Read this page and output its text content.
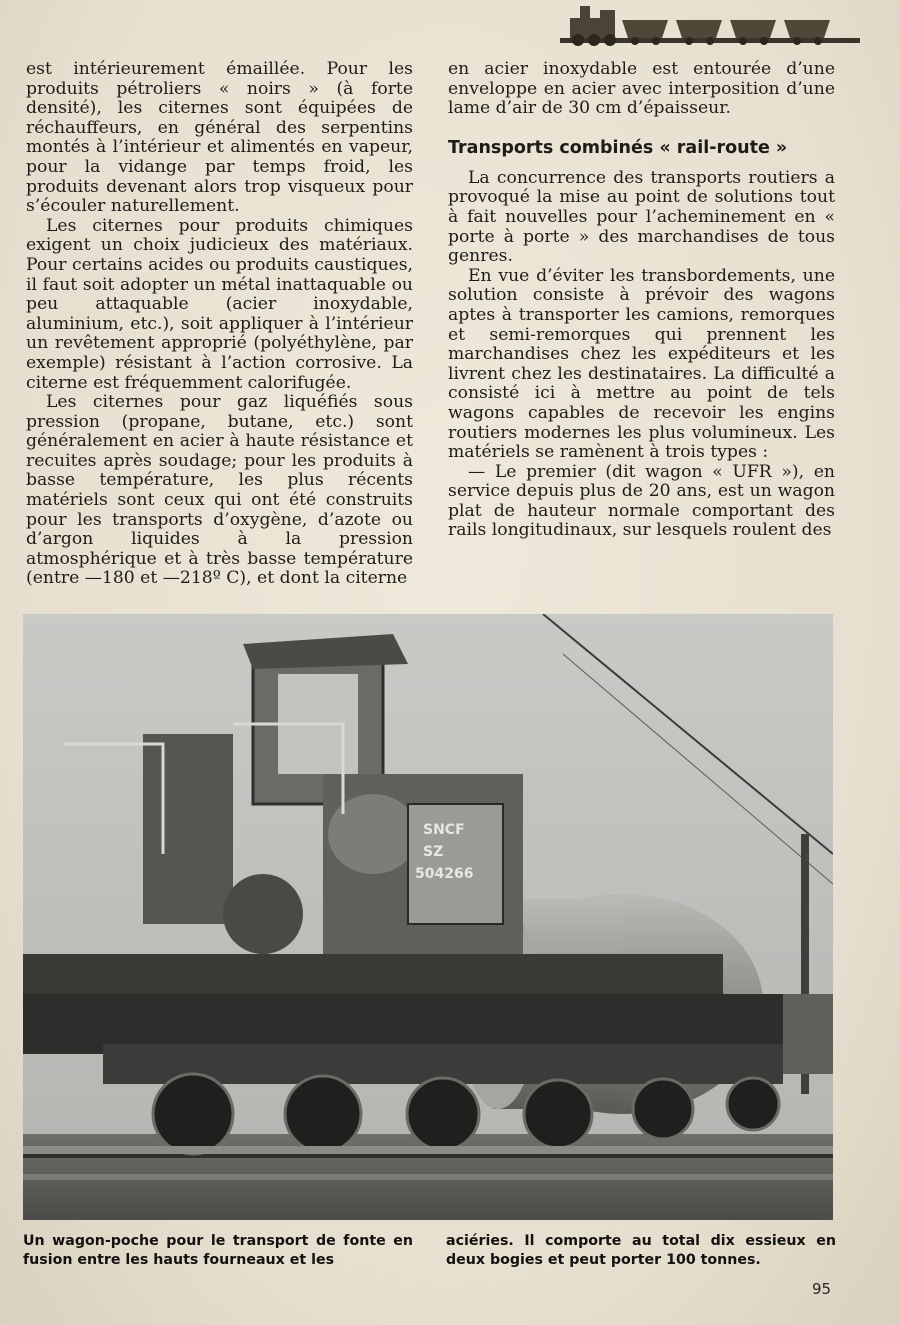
est intérieurement émaillée. Pour les produits pétroliers « noirs » (à forte densité), les citernes sont équipées de réchauffeurs, en général des serpentins montés à l’intérieur et alimentés en vapeur, pour la vidange par temps froid, les produits devenant alors trop visqueux pour s’écouler naturellement.

Les citernes pour produits chimiques exigent un choix judicieux des matériaux. Pour certains acides ou produits caustiques, il faut soit adopter un métal inattaquable ou peu attaquable (acier inoxydable, aluminium, etc.), soit appliquer à l’intérieur un revêtement approprié (polyéthylène, par exemple) résistant à l’action corrosive. La citerne est fréquemment calorifugée.

Les citernes pour gaz liquéfiés sous pression (propane, butane, etc.) sont généralement en acier à haute résistance et recuites après soudage; pour les produits à basse température, les plus récents matériels sont ceux qui ont été construits pour les transports d’oxygène, d’azote ou d’argon liquides à la pression atmosphérique et à très basse température (entre —180 et —218º C), et dont la citerne

en acier inoxydable est entourée d’une enveloppe en acier avec interposition d’une lame d’air de 30 cm d’épaisseur.

Transports combinés « rail-route »

La concurrence des transports routiers a provoqué la mise au point de solutions tout à fait nouvelles pour l’acheminement en « porte à porte » des marchandises de tous genres.

En vue d’éviter les transbordements, une solution consiste à prévoir des wagons aptes à transporter les camions, remorques et semi-remorques qui prennent les marchandises chez les expéditeurs et les livrent chez les destinataires. La difficulté a consisté ici à mettre au point de tels wagons capables de recevoir les engins routiers modernes les plus volumineux. Les matériels se ramènent à trois types :

— Le premier (dit wagon « UFR »), en service depuis plus de 20 ans, est un wagon plat de hauteur normale comportant des rails longitudinaux, sur lesquels roulent des

SNCF
SZ
504266

Un wagon-poche pour le transport de fonte en fusion entre les hauts fourneaux et les

aciéries. Il comporte au total dix essieux en deux bogies et peut porter 100 tonnes.

95
